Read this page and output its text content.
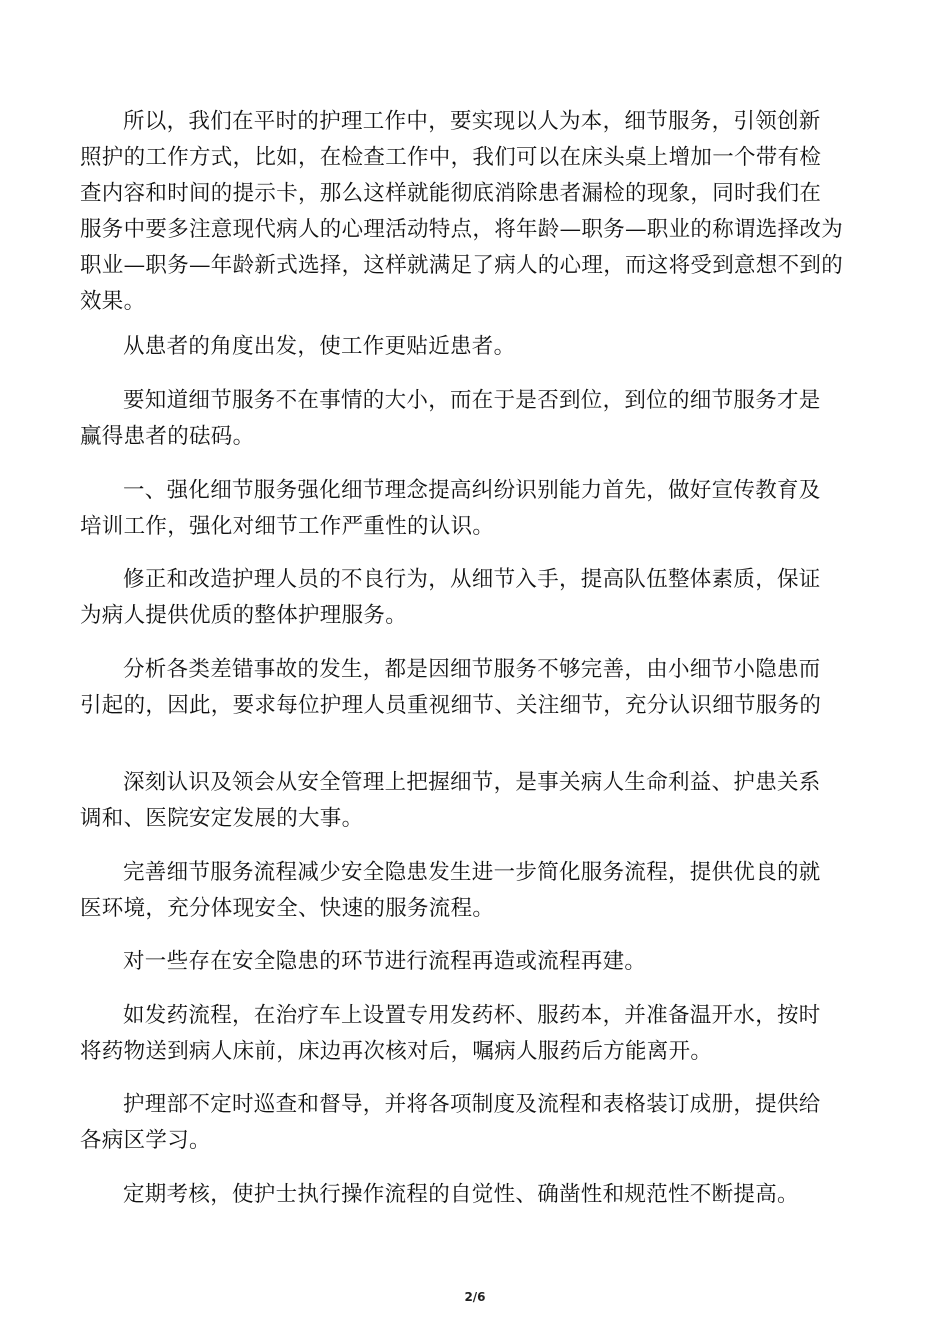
所以，我们在平时的护理工作中，要实现以人为本，细节服务，引领创新
照护的工作方式，比如，在检查工作中，我们可以在床头桌上增加一个带有检
查内容和时间的提示卡，那么这样就能彻底消除患者漏检的现象，同时我们在
服务中要多注意现代病人的心理活动特点，将年龄—职务—职业的称谓选择改为
职业—职务—年龄新式选择，这样就满足了病人的心理，而这将受到意想不到的
效果。

从患者的角度出发，使工作更贴近患者。

要知道细节服务不在事情的大小，而在于是否到位，到位的细节服务才是
赢得患者的砝码。

一、强化细节服务强化细节理念提高纠纷识别能力首先，做好宣传教育及
培训工作，强化对细节工作严重性的认识。

修正和改造护理人员的不良行为，从细节入手，提高队伍整体素质，保证
为病人提供优质的整体护理服务。

分析各类差错事故的发生，都是因细节服务不够完善，由小细节小隐患而
引起的，因此，要求每位护理人员重视细节、关注细节，充分认识细节服务的

深刻认识及领会从安全管理上把握细节，是事关病人生命利益、护患关系
调和、医院安定发展的大事。

完善细节服务流程减少安全隐患发生进一步简化服务流程，提供优良的就
医环境，充分体现安全、快速的服务流程。

对一些存在安全隐患的环节进行流程再造或流程再建。

如发药流程，在治疗车上设置专用发药杯、服药本，并准备温开水，按时
将药物送到病人床前，床边再次核对后，嘱病人服药后方能离开。

护理部不定时巡查和督导，并将各项制度及流程和表格装订成册，提供给
各病区学习。

定期考核，使护士执行操作流程的自觉性、确凿性和规范性不断提高。

2/6
